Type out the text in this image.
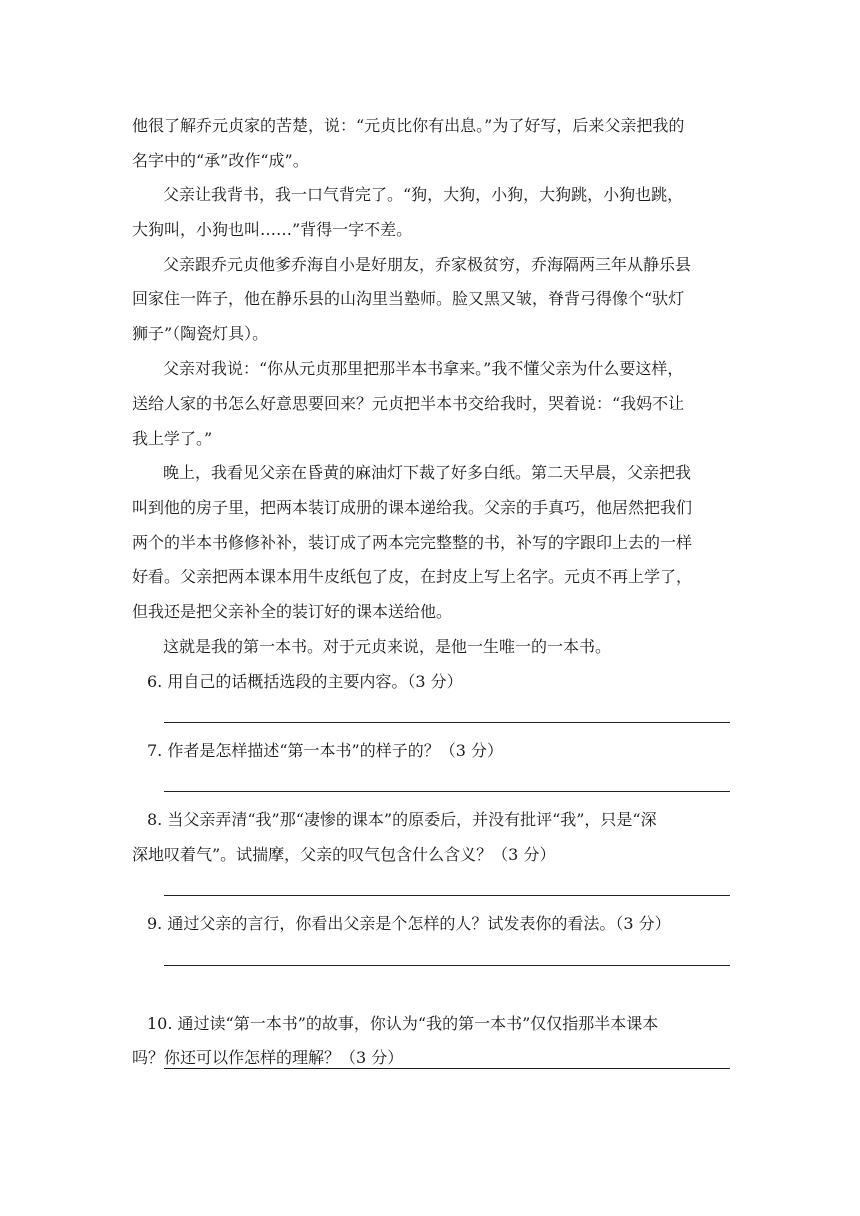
他很了解乔元贞家的苦楚，说：“元贞比你有出息。”为了好写，后来父亲把我的
名字中的“承”改作“成”。
父亲让我背书，我一口气背完了。“狗，大狗，小狗，大狗跳，小狗也跳，
大狗叫，小狗也叫……”背得一字不差。
父亲跟乔元贞他爹乔海自小是好朋友，乔家极贫穷，乔海隔两三年从静乐县
回家住一阵子，他在静乐县的山沟里当塾师。脸又黑又皱，脊背弓得像个“驮灯
狮子”（陶瓷灯具）。
父亲对我说：“你从元贞那里把那半本书拿来。”我不懂父亲为什么要这样，
送给人家的书怎么好意思要回来？元贞把半本书交给我时，哭着说：“我妈不让
我上学了。”
晚上，我看见父亲在昏黄的麻油灯下裁了好多白纸。第二天早晨，父亲把我
叫到他的房子里，把两本装订成册的课本递给我。父亲的手真巧，他居然把我们
两个的半本书修修补补，装订成了两本完完整整的书，补写的字跟印上去的一样
好看。父亲把两本课本用牛皮纸包了皮，在封皮上写上名字。元贞不再上学了，
但我还是把父亲补全的装订好的课本送给他。
这就是我的第一本书。对于元贞来说，是他一生唯一的一本书。
6. 用自己的话概括选段的主要内容。（3 分）
7. 作者是怎样描述“第一本书”的样子的？（3 分）
8. 当父亲弄清“我”那“凄惨的课本”的原委后，并没有批评“我”，只是“深
深地叹着气”。试揣摩，父亲的叹气包含什么含义？（3 分）
9. 通过父亲的言行，你看出父亲是个怎样的人？试发表你的看法。（3 分）
10. 通过读“第一本书”的故事，你认为“我的第一本书”仅仅指那半本课本
吗？你还可以作怎样的理解？（3 分）
